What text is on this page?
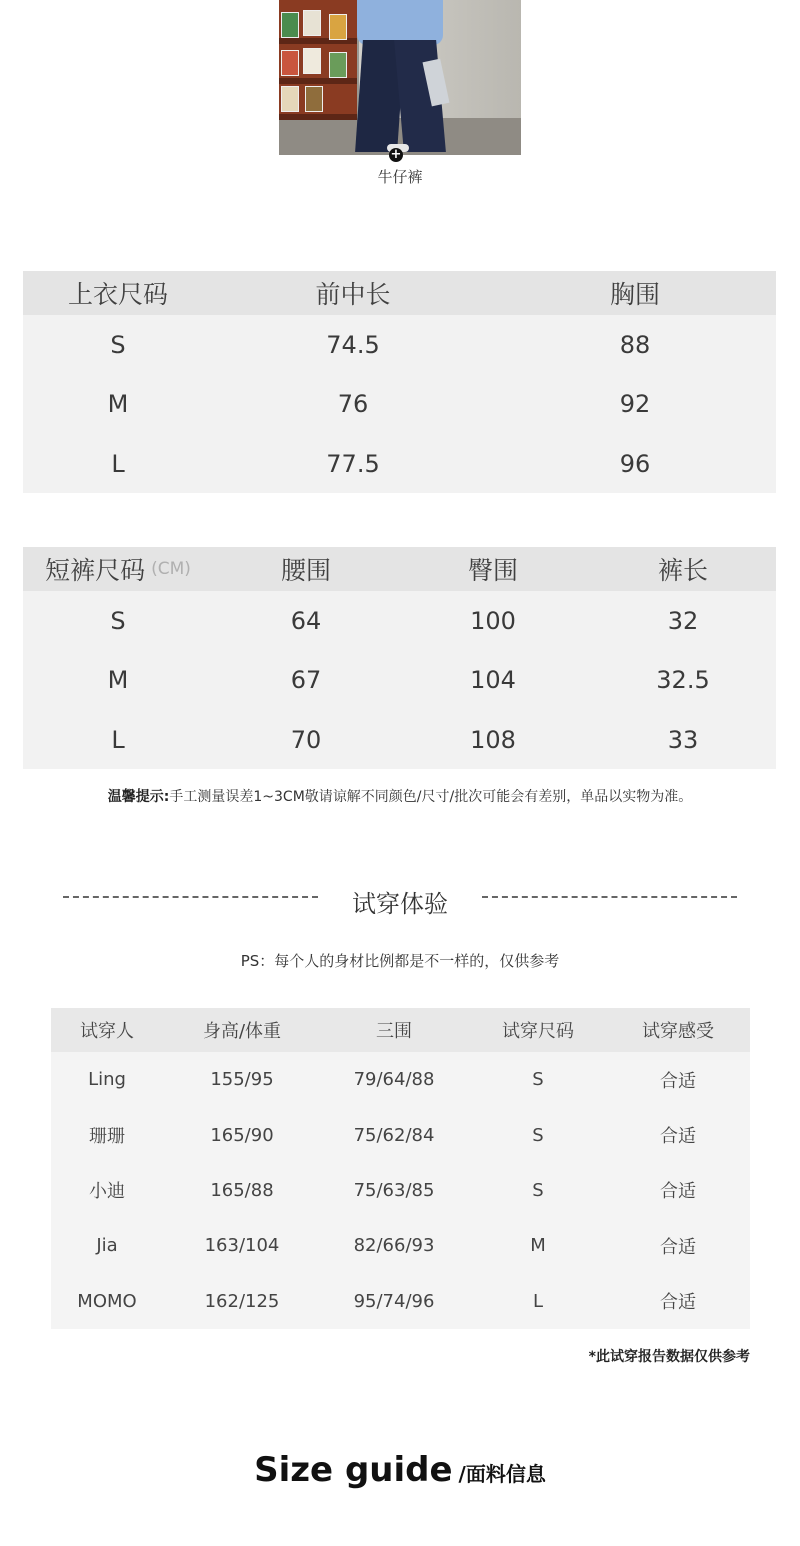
+
牛仔裤
上衣尺码	前中长	胸围
S	74.5	88
M	76	92
L	77.5	96
短裤尺码 (CM)	腰围	臀围	裤长
S	64	100	32
M	67	104	32.5
L	70	108	33
温馨提示:手工测量误差1~3CM敬请谅解不同颜色/尺寸/批次可能会有差别，单品以实物为准。
试穿体验
PS：每个人的身材比例都是不一样的，仅供参考
试穿人	身高/体重	三围	试穿尺码	试穿感受
Ling	155/95	79/64/88	S	合适
珊珊	165/90	75/62/84	S	合适
小迪	165/88	75/63/85	S	合适
Jia	163/104	82/66/93	M	合适
MOMO	162/125	95/74/96	L	合适
*此试穿报告数据仅供参考
Size guide /面料信息
